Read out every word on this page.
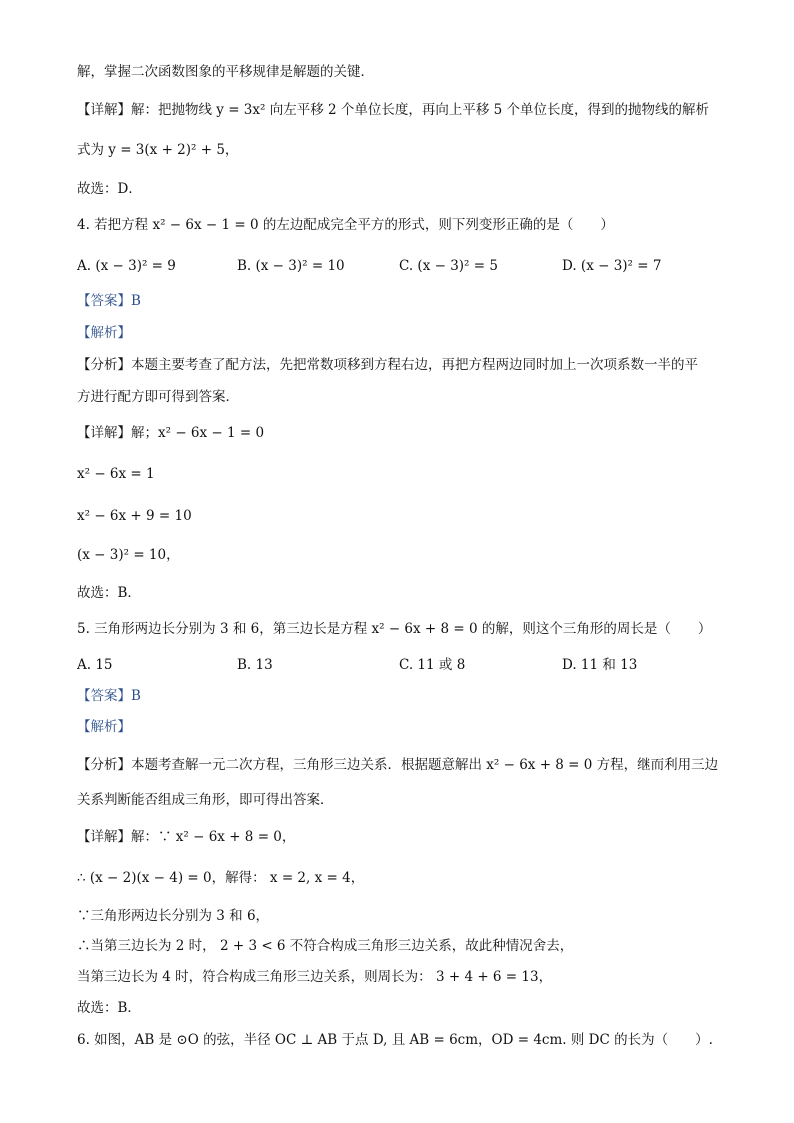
解，掌握二次函数图象的平移规律是解题的关键．
【详解】解：把抛物线 y = 3x² 向左平移 2 个单位长度，再向上平移 5 个单位长度，得到的抛物线的解析
式为 y = 3(x + 2)² + 5，
故选：D．
4. 若把方程 x² − 6x − 1 = 0 的左边配成完全平方的形式，则下列变形正确的是（　　）
A. (x − 3)² = 9	B. (x − 3)² = 10	C. (x − 3)² = 5	D. (x − 3)² = 7
【答案】B
【解析】
【分析】本题主要考查了配方法，先把常数项移到方程右边，再把方程两边同时加上一次项系数一半的平
方进行配方即可得到答案．
【详解】解；x² − 6x − 1 = 0
x² − 6x = 1
x² − 6x + 9 = 10
(x − 3)² = 10，
故选：B．
5. 三角形两边长分别为 3 和 6，第三边长是方程 x² − 6x + 8 = 0 的解，则这个三角形的周长是（　　）
A. 15	B. 13	C. 11 或 8	D. 11 和 13
【答案】B
【解析】
【分析】本题考查解一元二次方程，三角形三边关系．根据题意解出 x² − 6x + 8 = 0 方程，继而利用三边
关系判断能否组成三角形，即可得出答案．
【详解】解：∵ x² − 6x + 8 = 0，
∴ (x − 2)(x − 4) = 0，解得： x = 2, x = 4，
∵三角形两边长分别为 3 和 6，
∴当第三边长为 2 时， 2 + 3 < 6 不符合构成三角形三边关系，故此种情况舍去，
当第三边长为 4 时，符合构成三角形三边关系，则周长为： 3 + 4 + 6 = 13，
故选：B．
6. 如图，AB 是 ⊙O 的弦，半径 OC ⊥ AB 于点 D, 且 AB = 6cm，OD = 4cm. 则 DC 的长为（　　）.
